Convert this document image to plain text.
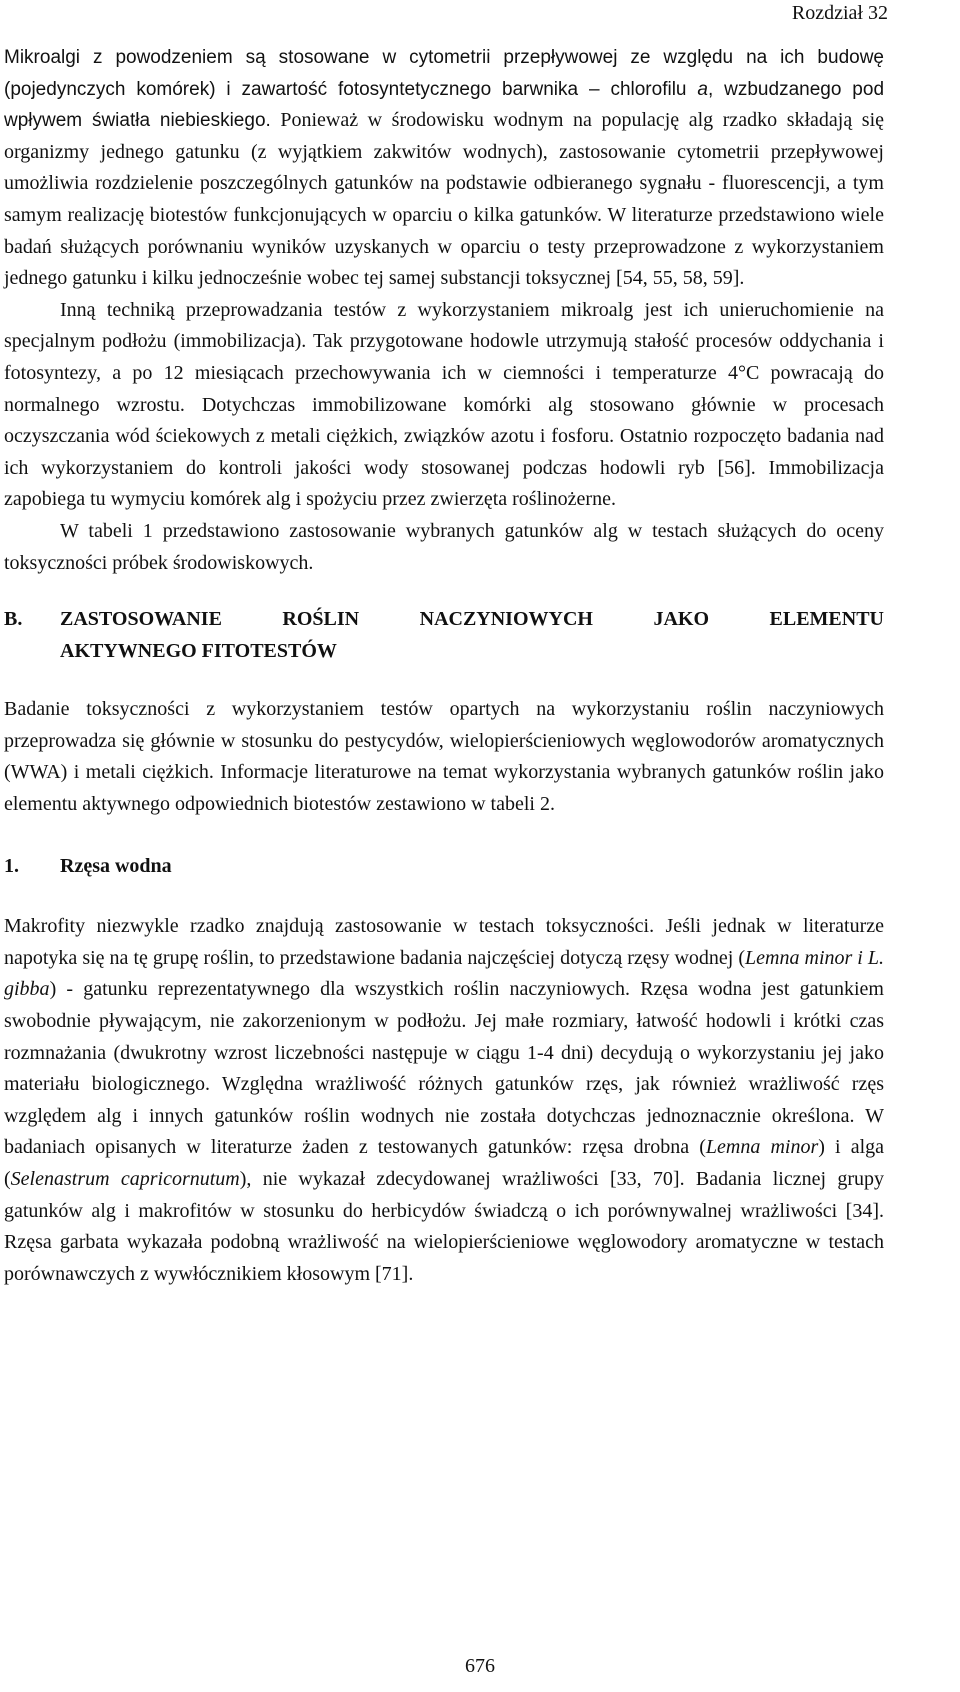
Rozdział 32

Mikroalgi z powodzeniem są stosowane w cytometrii przepływowej ze względu na ich budowę (pojedynczych komórek) i zawartość fotosyntetycznego barwnika – chlorofilu a, wzbudzanego pod wpływem światła niebieskiego. Ponieważ w środowisku wodnym na populację alg rzadko składają się organizmy jednego gatunku (z wyjątkiem zakwitów wodnych), zastosowanie cytometrii przepływowej umożliwia rozdzielenie poszczególnych gatunków na podstawie odbieranego sygnału - fluorescencji, a tym samym realizację biotestów funkcjonujących w oparciu o kilka gatunków. W literaturze przedstawiono wiele badań służących porównaniu wyników uzyskanych w oparciu o testy przeprowadzone z wykorzystaniem jednego gatunku i kilku jednocześnie wobec tej samej substancji toksycznej [54, 55, 58, 59].

Inną techniką przeprowadzania testów z wykorzystaniem mikroalg jest ich unieruchomienie na specjalnym podłożu (immobilizacja). Tak przygotowane hodowle utrzymują stałość procesów oddychania i fotosyntezy, a po 12 miesiącach przechowywania ich w ciemności i temperaturze 4°C powracają do normalnego wzrostu. Dotychczas immobilizowane komórki alg stosowano głównie w procesach oczyszczania wód ściekowych z metali ciężkich, związków azotu i fosforu. Ostatnio rozpoczęto badania nad ich wykorzystaniem do kontroli jakości wody stosowanej podczas hodowli ryb [56]. Immobilizacja zapobiega tu wymyciu komórek alg i spożyciu przez zwierzęta roślinożerne.

W tabeli 1 przedstawiono zastosowanie wybranych gatunków alg w testach służących do oceny toksyczności próbek środowiskowych.

B.	ZASTOSOWANIE ROŚLIN NACZYNIOWYCH JAKO ELEMENTU
AKTYWNEGO FITOTESTÓW

Badanie toksyczności z wykorzystaniem testów opartych na wykorzystaniu roślin naczyniowych przeprowadza się głównie w stosunku do pestycydów, wielopierścieniowych węglowodorów aromatycznych (WWA) i metali ciężkich. Informacje literaturowe na temat wykorzystania wybranych gatunków roślin jako elementu aktywnego odpowiednich biotestów zestawiono w tabeli 2.

1.	Rzęsa wodna

Makrofity niezwykle rzadko znajdują zastosowanie w testach toksyczności. Jeśli jednak w literaturze napotyka się na tę grupę roślin, to przedstawione badania najczęściej dotyczą rzęsy wodnej (Lemna minor i L. gibba) - gatunku reprezentatywnego dla wszystkich roślin naczyniowych. Rzęsa wodna jest gatunkiem swobodnie pływającym, nie zakorzenionym w podłożu. Jej małe rozmiary, łatwość hodowli i krótki czas rozmnażania (dwukrotny wzrost liczebności następuje w ciągu 1-4 dni) decydują o wykorzystaniu jej jako materiału biologicznego. Względna wrażliwość różnych gatunków rzęs, jak również wrażliwość rzęs względem alg i innych gatunków roślin wodnych nie została dotychczas jednoznacznie określona. W badaniach opisanych w literaturze żaden z testowanych gatunków: rzęsa drobna (Lemna minor) i alga (Selenastrum capricornutum), nie wykazał zdecydowanej wrażliwości [33, 70]. Badania licznej grupy gatunków alg i makrofitów w stosunku do herbicydów świadczą o ich porównywalnej wrażliwości [34]. Rzęsa garbata wykazała podobną wrażliwość na wielopierścieniowe węglowodory aromatyczne w testach porównawczych z wywłócznikiem kłosowym [71].

676
